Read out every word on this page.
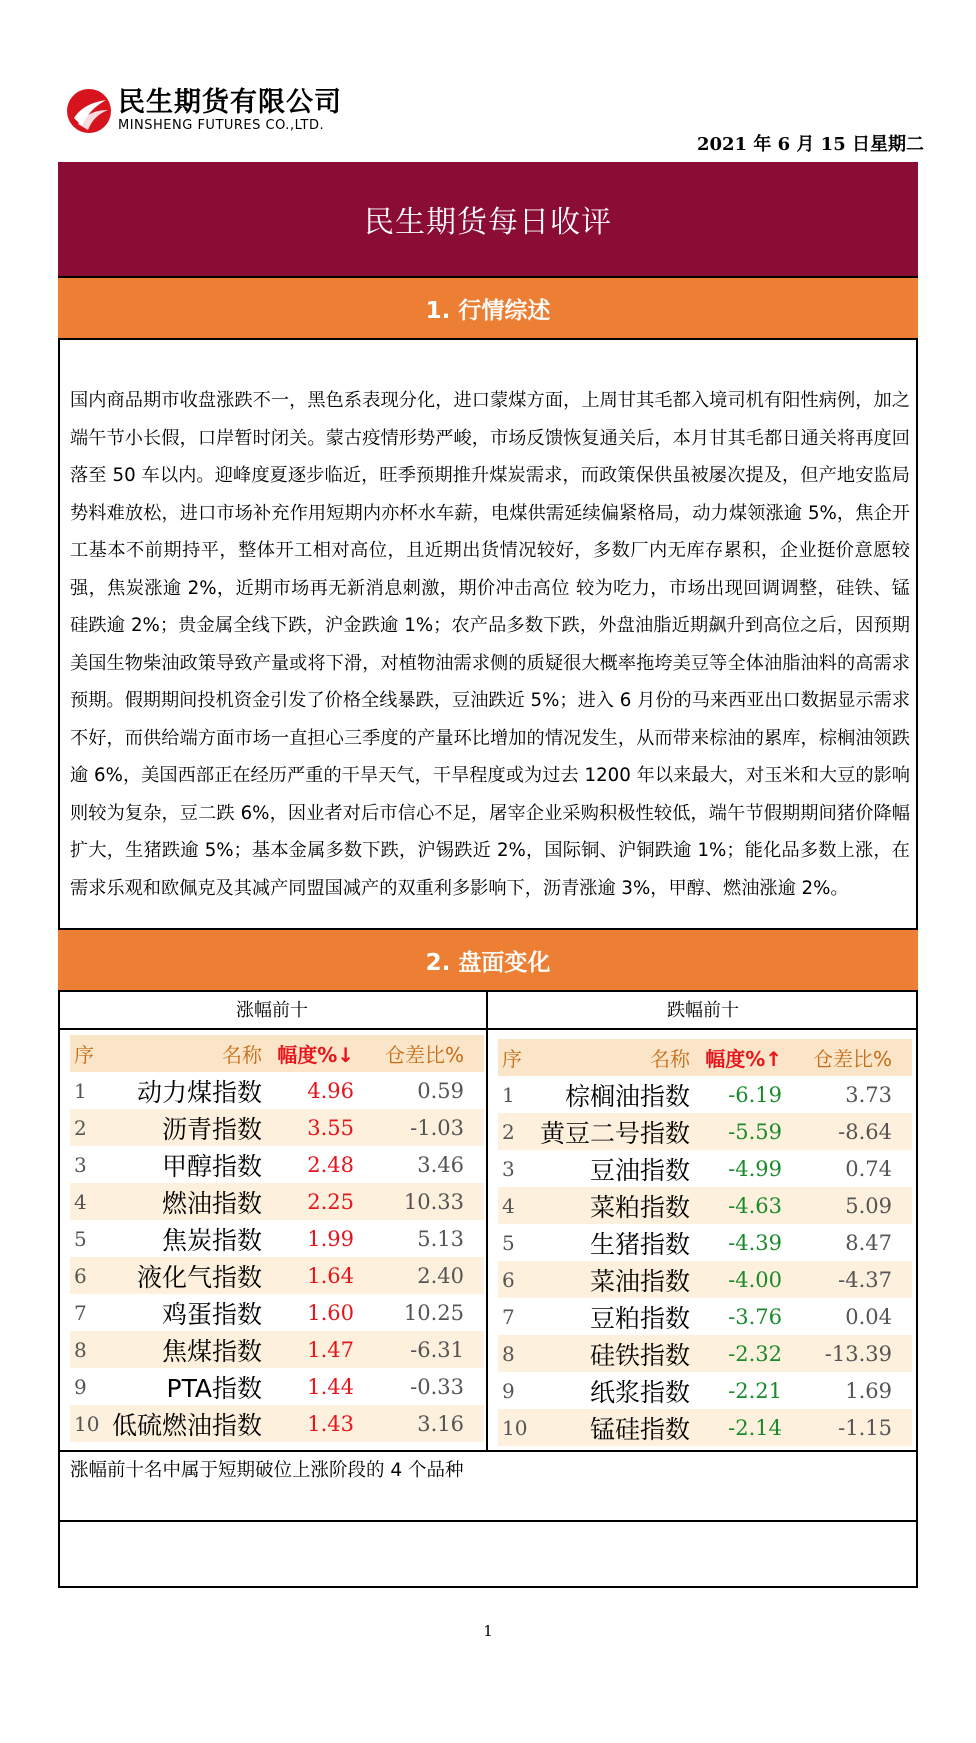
民生期货有限公司
MINSHENG FUTURES CO.,LTD.
2021 年 6 月 15 日星期二
民生期货每日收评
1. 行情综述
国内商品期市收盘涨跌不一，黑色系表现分化，进口蒙煤方面，上周甘其毛都入境司机有阳性病例，加之端午节小长假，口岸暂时闭关。蒙古疫情形势严峻，市场反馈恢复通关后，本月甘其毛都日通关将再度回落至 50 车以内。迎峰度夏逐步临近，旺季预期推升煤炭需求，而政策保供虽被屡次提及，但产地安监局势料难放松，进口市场补充作用短期内亦杯水车薪，电煤供需延续偏紧格局，动力煤领涨逾 5%，焦企开工基本不前期持平，整体开工相对高位，且近期出货情况较好，多数厂内无库存累积，企业挺价意愿较强，焦炭涨逾 2%，近期市场再无新消息刺激，期价冲击高位 较为吃力，市场出现回调调整，硅铁、锰硅跌逾 2%；贵金属全线下跌，沪金跌逾 1%；农产品多数下跌，外盘油脂近期飙升到高位之后，因预期美国生物柴油政策导致产量或将下滑，对植物油需求侧的质疑很大概率拖垮美豆等全体油脂油料的高需求预期。假期期间投机资金引发了价格全线暴跌，豆油跌近 5%；进入 6 月份的马来西亚出口数据显示需求不好，而供给端方面市场一直担心三季度的产量环比增加的情况发生，从而带来棕油的累库，棕榈油领跌逾 6%，美国西部正在经历严重的干旱天气，干旱程度或为过去 1200 年以来最大，对玉米和大豆的影响则较为复杂，豆二跌 6%，因业者对后市信心不足，屠宰企业采购积极性较低，端午节假期期间猪价降幅扩大，生猪跌逾 5%；基本金属多数下跌，沪锡跌近 2%，国际铜、沪铜跌逾 1%；能化品多数上涨，在需求乐观和欧佩克及其减产同盟国减产的双重利多影响下，沥青涨逾 3%，甲醇、燃油涨逾 2%。
2. 盘面变化
涨幅前十	跌幅前十
序	名称	幅度%↓	仓差比%
1	动力煤指数	4.96	0.59
2	沥青指数	3.55	-1.03
3	甲醇指数	2.48	3.46
4	燃油指数	2.25	10.33
5	焦炭指数	1.99	5.13
6	液化气指数	1.64	2.40
7	鸡蛋指数	1.60	10.25
8	焦煤指数	1.47	-6.31
9	PTA指数	1.44	-0.33
10	低硫燃油指数	1.43	3.16
序	名称	幅度%↑	仓差比%
1	棕榈油指数	-6.19	3.73
2	黄豆二号指数	-5.59	-8.64
3	豆油指数	-4.99	0.74
4	菜粕指数	-4.63	5.09
5	生猪指数	-4.39	8.47
6	菜油指数	-4.00	-4.37
7	豆粕指数	-3.76	0.04
8	硅铁指数	-2.32	-13.39
9	纸浆指数	-2.21	1.69
10	锰硅指数	-2.14	-1.15
涨幅前十名中属于短期破位上涨阶段的 4 个品种
1
